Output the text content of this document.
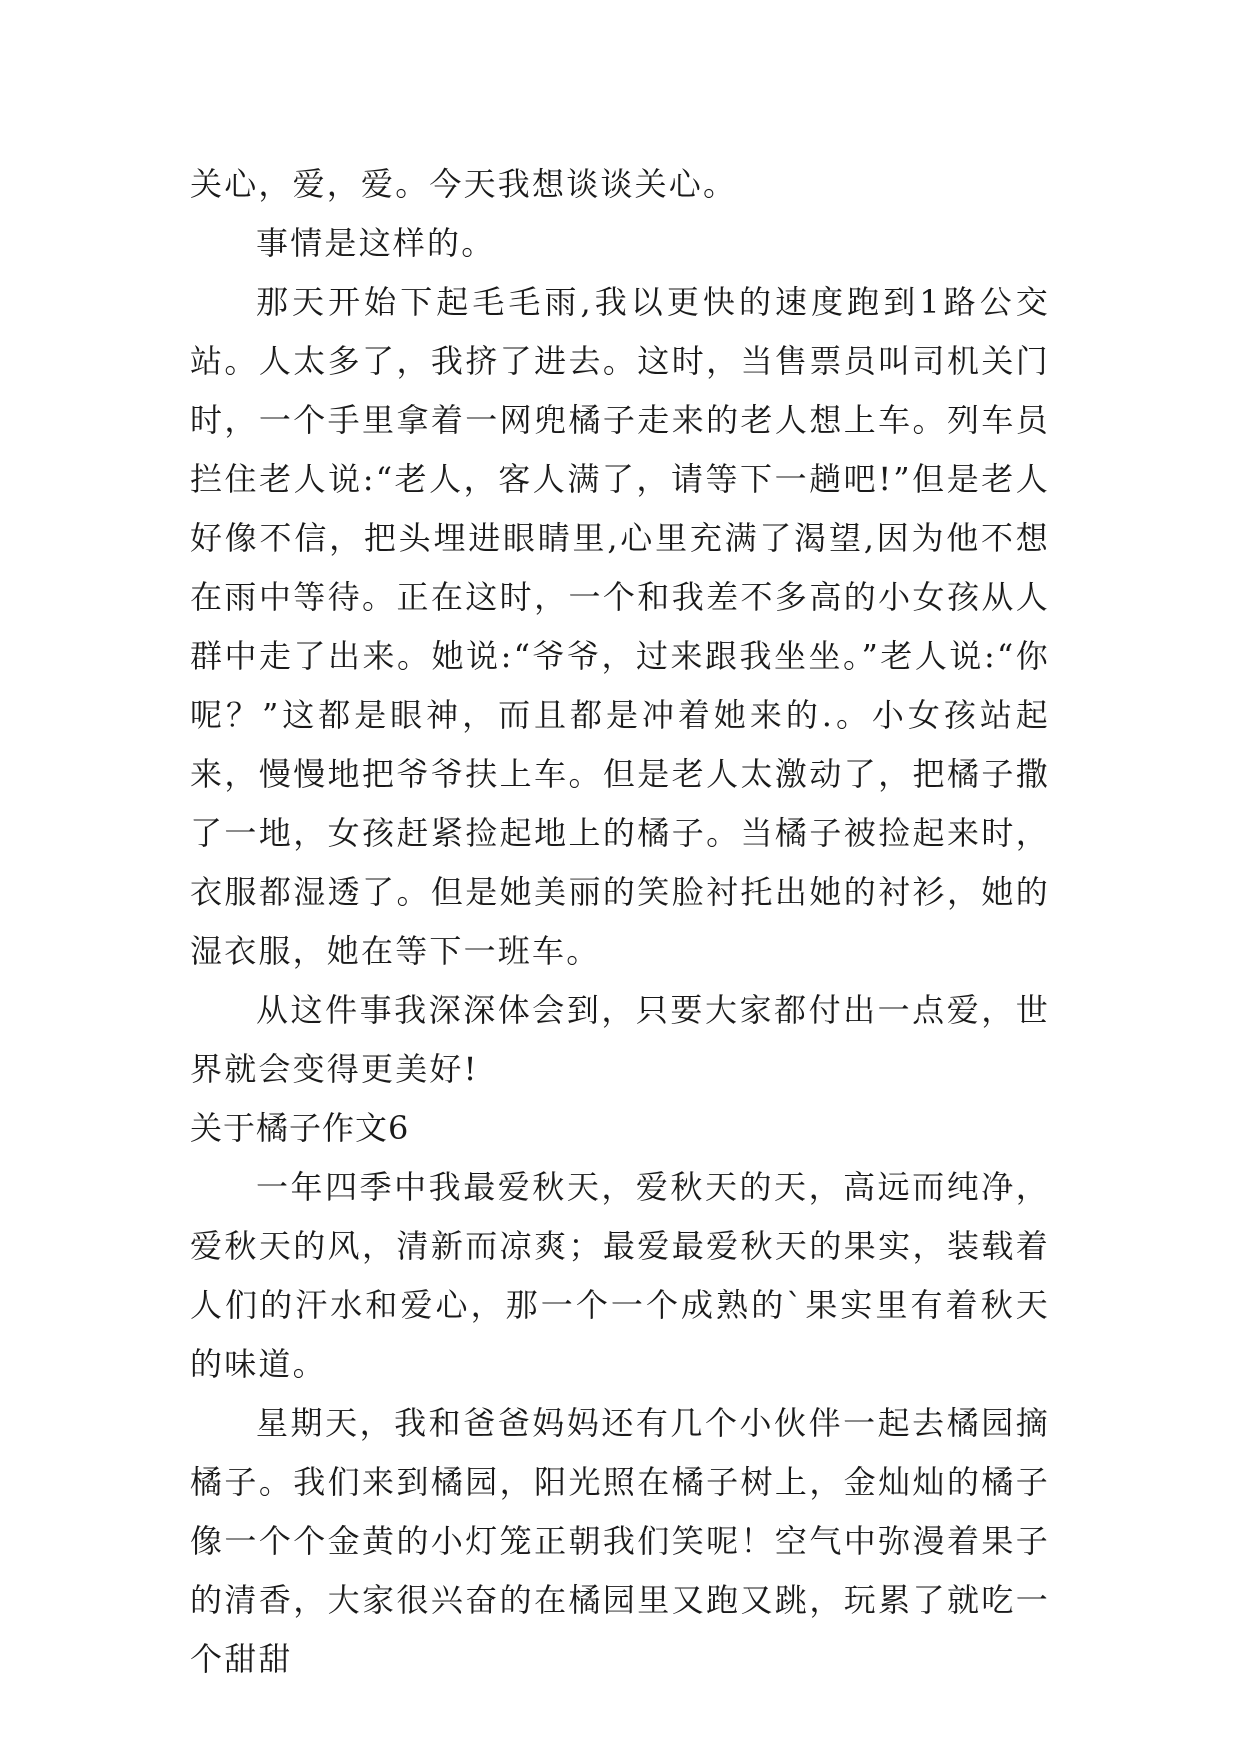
关心，爱，爱。今天我想谈谈关心。

事情是这样的。

那天开始下起毛毛雨,我以更快的速度跑到1路公交站。人太多了，我挤了进去。这时，当售票员叫司机关门时，一个手里拿着一网兜橘子走来的老人想上车。列车员拦住老人说:“老人，客人满了，请等下一趟吧!”但是老人好像不信，把头埋进眼睛里,心里充满了渴望,因为他不想在雨中等待。正在这时，一个和我差不多高的小女孩从人群中走了出来。她说:“爷爷，过来跟我坐坐。”老人说:“你呢？”这都是眼神，而且都是冲着她来的.。小女孩站起来，慢慢地把爷爷扶上车。但是老人太激动了，把橘子撒了一地，女孩赶紧捡起地上的橘子。当橘子被捡起来时，衣服都湿透了。但是她美丽的笑脸衬托出她的衬衫，她的湿衣服，她在等下一班车。

从这件事我深深体会到，只要大家都付出一点爱，世界就会变得更美好!

关于橘子作文6

一年四季中我最爱秋天，爱秋天的天，高远而纯净，爱秋天的风，清新而凉爽；最爱最爱秋天的果实，装载着人们的汗水和爱心，那一个一个成熟的`果实里有着秋天的味道。

星期天，我和爸爸妈妈还有几个小伙伴一起去橘园摘橘子。我们来到橘园，阳光照在橘子树上，金灿灿的橘子像一个个金黄的小灯笼正朝我们笑呢！空气中弥漫着果子的清香，大家很兴奋的在橘园里又跑又跳，玩累了就吃一个甜甜
